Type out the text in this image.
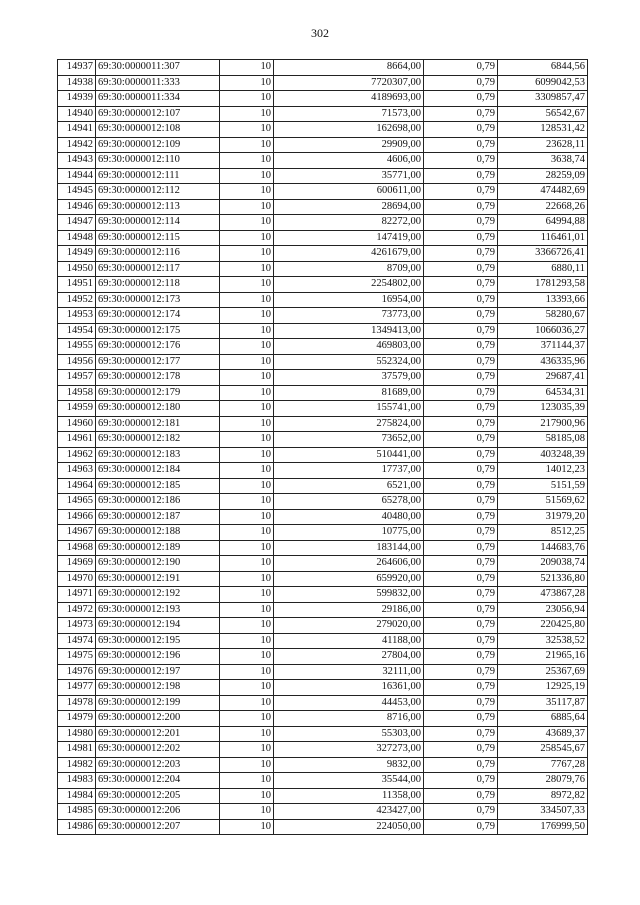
302
14937	69:30:0000011:307	10	8664,00	0,79	6844,56
14938	69:30:0000011:333	10	7720307,00	0,79	6099042,53
14939	69:30:0000011:334	10	4189693,00	0,79	3309857,47
14940	69:30:0000012:107	10	71573,00	0,79	56542,67
14941	69:30:0000012:108	10	162698,00	0,79	128531,42
14942	69:30:0000012:109	10	29909,00	0,79	23628,11
14943	69:30:0000012:110	10	4606,00	0,79	3638,74
14944	69:30:0000012:111	10	35771,00	0,79	28259,09
14945	69:30:0000012:112	10	600611,00	0,79	474482,69
14946	69:30:0000012:113	10	28694,00	0,79	22668,26
14947	69:30:0000012:114	10	82272,00	0,79	64994,88
14948	69:30:0000012:115	10	147419,00	0,79	116461,01
14949	69:30:0000012:116	10	4261679,00	0,79	3366726,41
14950	69:30:0000012:117	10	8709,00	0,79	6880,11
14951	69:30:0000012:118	10	2254802,00	0,79	1781293,58
14952	69:30:0000012:173	10	16954,00	0,79	13393,66
14953	69:30:0000012:174	10	73773,00	0,79	58280,67
14954	69:30:0000012:175	10	1349413,00	0,79	1066036,27
14955	69:30:0000012:176	10	469803,00	0,79	371144,37
14956	69:30:0000012:177	10	552324,00	0,79	436335,96
14957	69:30:0000012:178	10	37579,00	0,79	29687,41
14958	69:30:0000012:179	10	81689,00	0,79	64534,31
14959	69:30:0000012:180	10	155741,00	0,79	123035,39
14960	69:30:0000012:181	10	275824,00	0,79	217900,96
14961	69:30:0000012:182	10	73652,00	0,79	58185,08
14962	69:30:0000012:183	10	510441,00	0,79	403248,39
14963	69:30:0000012:184	10	17737,00	0,79	14012,23
14964	69:30:0000012:185	10	6521,00	0,79	5151,59
14965	69:30:0000012:186	10	65278,00	0,79	51569,62
14966	69:30:0000012:187	10	40480,00	0,79	31979,20
14967	69:30:0000012:188	10	10775,00	0,79	8512,25
14968	69:30:0000012:189	10	183144,00	0,79	144683,76
14969	69:30:0000012:190	10	264606,00	0,79	209038,74
14970	69:30:0000012:191	10	659920,00	0,79	521336,80
14971	69:30:0000012:192	10	599832,00	0,79	473867,28
14972	69:30:0000012:193	10	29186,00	0,79	23056,94
14973	69:30:0000012:194	10	279020,00	0,79	220425,80
14974	69:30:0000012:195	10	41188,00	0,79	32538,52
14975	69:30:0000012:196	10	27804,00	0,79	21965,16
14976	69:30:0000012:197	10	32111,00	0,79	25367,69
14977	69:30:0000012:198	10	16361,00	0,79	12925,19
14978	69:30:0000012:199	10	44453,00	0,79	35117,87
14979	69:30:0000012:200	10	8716,00	0,79	6885,64
14980	69:30:0000012:201	10	55303,00	0,79	43689,37
14981	69:30:0000012:202	10	327273,00	0,79	258545,67
14982	69:30:0000012:203	10	9832,00	0,79	7767,28
14983	69:30:0000012:204	10	35544,00	0,79	28079,76
14984	69:30:0000012:205	10	11358,00	0,79	8972,82
14985	69:30:0000012:206	10	423427,00	0,79	334507,33
14986	69:30:0000012:207	10	224050,00	0,79	176999,50
